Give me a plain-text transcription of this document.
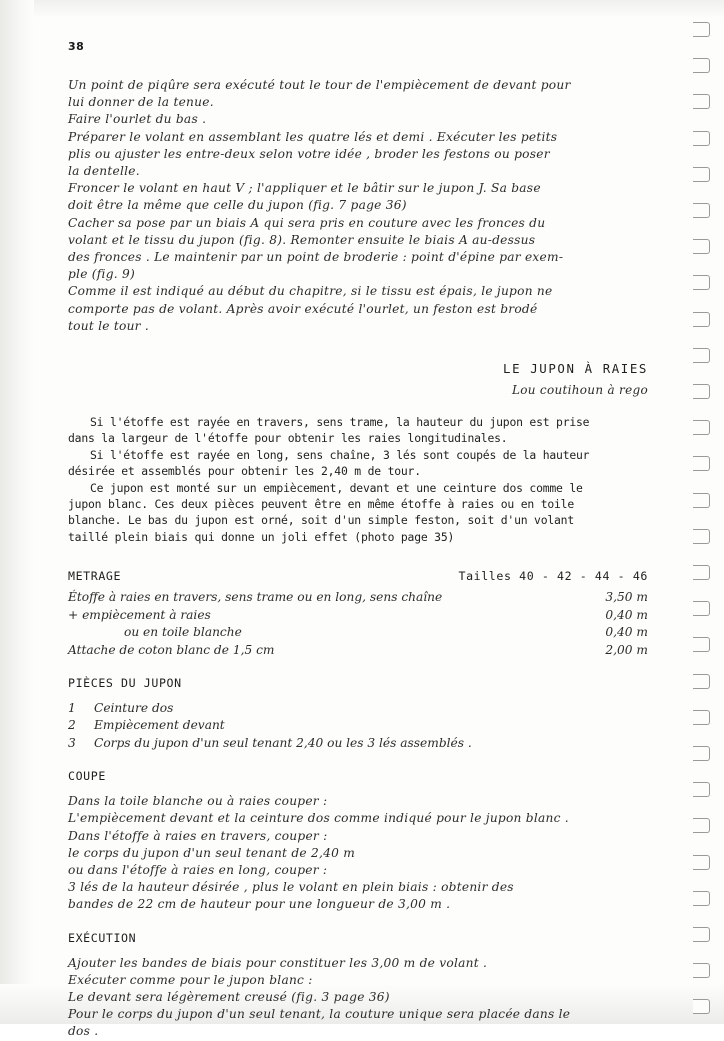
38

Un point de piqûre sera exécuté tout le tour de l'empiècement de devant pour

lui donner de la tenue.

Faire l'ourlet du bas .

Préparer le volant en assemblant les quatre lés et demi . Exécuter les petits

plis ou ajuster les entre-deux selon votre idée , broder les festons ou poser

la dentelle.

Froncer le volant en haut V ; l'appliquer et le bâtir sur le jupon J. Sa base

doit être la même que celle du jupon (fig. 7 page 36)

Cacher sa pose par un biais A qui sera pris en couture avec les fronces du

volant et le tissu du jupon (fig. 8). Remonter ensuite le biais A au-dessus

des fronces . Le maintenir par un point de broderie : point d'épine par exem-

ple (fig. 9)

Comme il est indiqué au début du chapitre, si le tissu est épais, le jupon ne

comporte pas de volant. Après avoir exécuté l'ourlet, un feston est brodé

tout le tour .

LE JUPON À RAIES
Lou coutihoun à rego

Si l'étoffe est rayée en travers, sens trame, la hauteur du jupon est prise

dans la largeur de l'étoffe pour obtenir les raies longitudinales.

Si l'étoffe est rayée en long, sens chaîne, 3 lés sont coupés de la hauteur

désirée et assemblés pour obtenir les 2,40 m de tour.

Ce jupon est monté sur un empiècement, devant et une ceinture dos comme le

jupon blanc. Ces deux pièces peuvent être en même étoffe à raies ou en toile

blanche. Le bas du jupon est orné, soit d'un simple feston, soit d'un volant

taillé plein biais qui donne un joli effet (photo page 35)

METRAGE	Tailles 40 - 42 - 44 - 46
Étoffe à raies en travers, sens trame ou en long, sens chaîne	3,50 m
+ empiècement à raies	0,40 m
ou en toile blanche	0,40 m
Attache de coton blanc de 1,5 cm	2,00 m
PIÈCES DU JUPON
1	Ceinture dos
2	Empiècement devant
3	Corps du jupon d'un seul tenant 2,40 ou les 3 lés assemblés .
COUPE

Dans la toile blanche ou à raies couper :

L'empiècement devant et la ceinture dos comme indiqué pour le jupon blanc .

Dans l'étoffe à raies en travers, couper :

le corps du jupon d'un seul tenant de 2,40 m

ou dans l'étoffe à raies en long, couper :

3 lés de la hauteur désirée , plus le volant en plein biais : obtenir des

bandes de 22 cm de hauteur pour une longueur de 3,00 m .

EXÉCUTION

Ajouter les bandes de biais pour constituer les 3,00 m de volant .

Exécuter comme pour le jupon blanc :

Le devant sera légèrement creusé (fig. 3 page 36)

Pour le corps du jupon d'un seul tenant, la couture unique sera placée dans le

dos .
